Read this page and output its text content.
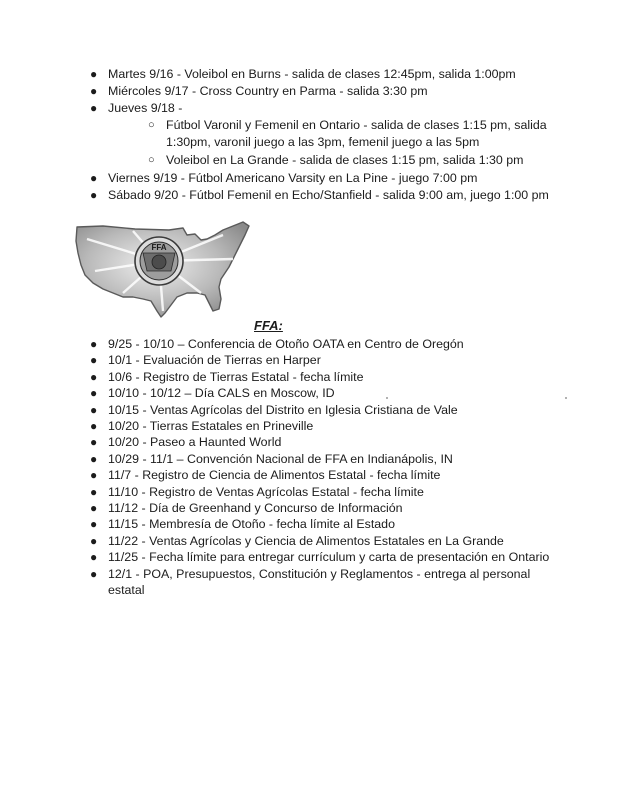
● Martes 9/16 - Voleibol en Burns - salida de clases 12:45pm, salida 1:00pm
● Miércoles 9/17 - Cross Country en Parma - salida 3:30 pm
● Jueves 9/18 -
○ Fútbol Varonil y Femenil en Ontario - salida de clases 1:15 pm, salida 1:30pm, varonil juego a las 3pm, femenil juego a las 5pm
○ Voleibol en La Grande - salida de clases 1:15 pm, salida 1:30 pm
● Viernes 9/19 - Fútbol Americano Varsity en La Pine - juego 7:00 pm
● Sábado 9/20 - Fútbol Femenil en Echo/Stanfield - salida 9:00 am, juego 1:00 pm
FFA
FFA:
● 9/25 - 10/10 – Conferencia de Otoño OATA en Centro de Oregón
● 10/1 - Evaluación de Tierras en Harper
● 10/6 - Registro de Tierras Estatal - fecha límite
● 10/10 - 10/12 – Día CALS en Moscow, ID
● 10/15 - Ventas Agrícolas del Distrito en Iglesia Cristiana de Vale
● 10/20 - Tierras Estatales en Prineville
● 10/20 - Paseo a Haunted World
● 10/29 - 11/1 – Convención Nacional de FFA en Indianápolis, IN
● 11/7 - Registro de Ciencia de Alimentos Estatal - fecha límite
● 11/10 - Registro de Ventas Agrícolas Estatal - fecha límite
● 11/12 - Día de Greenhand y Concurso de Información
● 11/15 - Membresía de Otoño - fecha límite al Estado
● 11/22 - Ventas Agrícolas y Ciencia de Alimentos Estatales en La Grande
● 11/25 - Fecha límite para entregar currículum y carta de presentación en Ontario
● 12/1 - POA, Presupuestos, Constitución y Reglamentos - entrega al personal estatal
